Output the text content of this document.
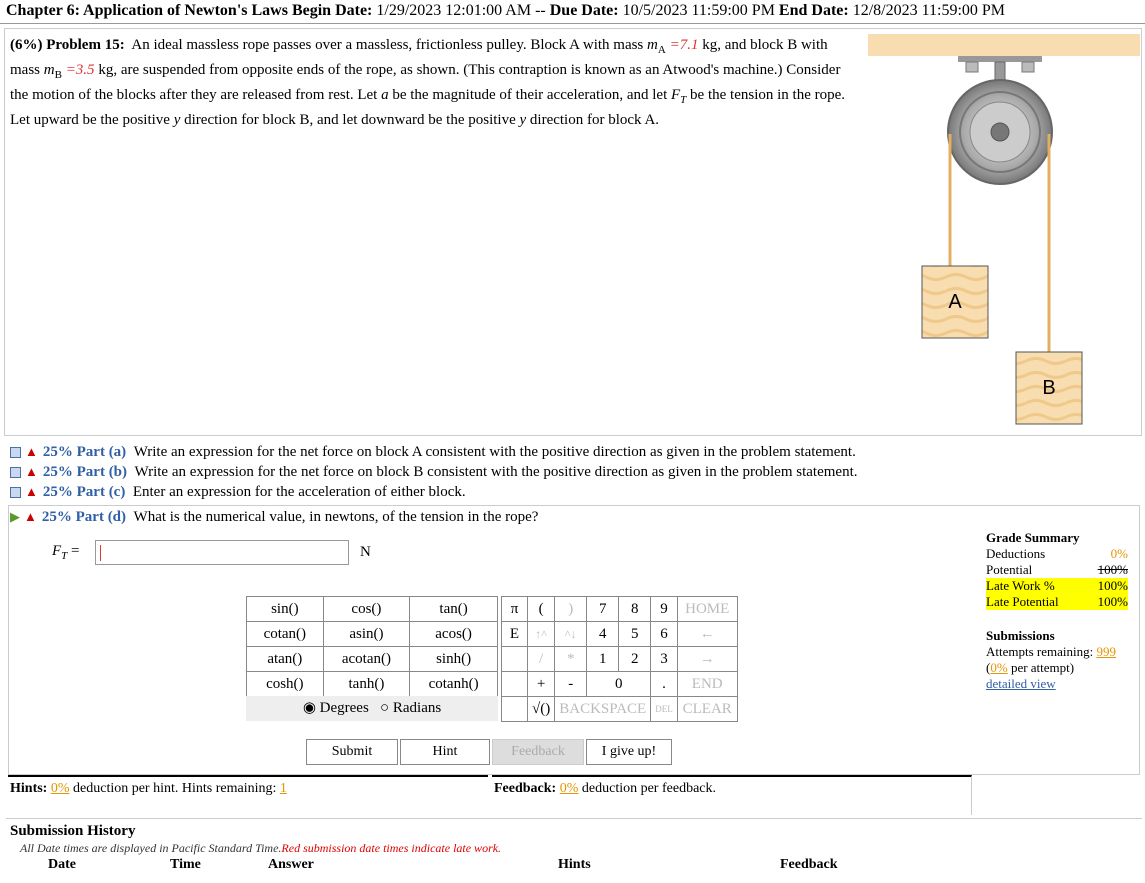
Chapter 6: Application of Newton's Laws Begin Date: 1/29/2023 12:01:00 AM -- Due Date: 10/5/2023 11:59:00 PM End Date: 12/8/2023 11:59:00 PM
(6%) Problem 15: An ideal massless rope passes over a massless, frictionless pulley. Block A with mass $m_A =7.1$ kg, and block B with mass $m_B =3.5$ kg, are suspended from opposite ends of the rope, as shown. (This contraption is known as an Atwood's machine.) Consider the motion of the blocks after they are released from rest. Let a be the magnitude of their acceleration, and let $F_T$ be the tension in the rope. Let upward be the positive y direction for block B, and let downward be the positive y direction for block A.
A
B
▲ 25% Part (a)
Write an expression for the net force on block A consistent with the positive direction as given in the problem statement.
▲ 25% Part (b)
Write an expression for the net force on block B consistent with the positive direction as given in the problem statement.
▲ 25% Part (c)
Enter an expression for the acceleration of either block.
▶ ▲ 25% Part (d)
What is the numerical value, in newtons, of the tension in the rope?
$F_T$ =	N
sin()	cos()	tan()
cotan()	asin()	acos()
atan()	acotan()	sinh()
cosh()	tanh()	cotanh()
◉ Degrees ○ Radians
π	(	)	7	8	9	HOME
E	↑^	^↓	4	5	6	←
	/	*	1	2	3	→
	+	-	0		.	END
	√()	BACKSPACE			DEL	CLEAR
Submit	Hint	Feedback	I give up!
Grade Summary
Deductions	0%
Potential	100%
Late Work %	100%
Late Potential	100%
Submissions
Attempts remaining: 999
(0% per attempt)
detailed view
Hints: 0% deduction per hint. Hints remaining: 1	Feedback: 0% deduction per feedback.
Submission History
All Date times are displayed in Pacific Standard Time.Red submission date times indicate late work.
Date	Time	Answer	Hints	Feedback
